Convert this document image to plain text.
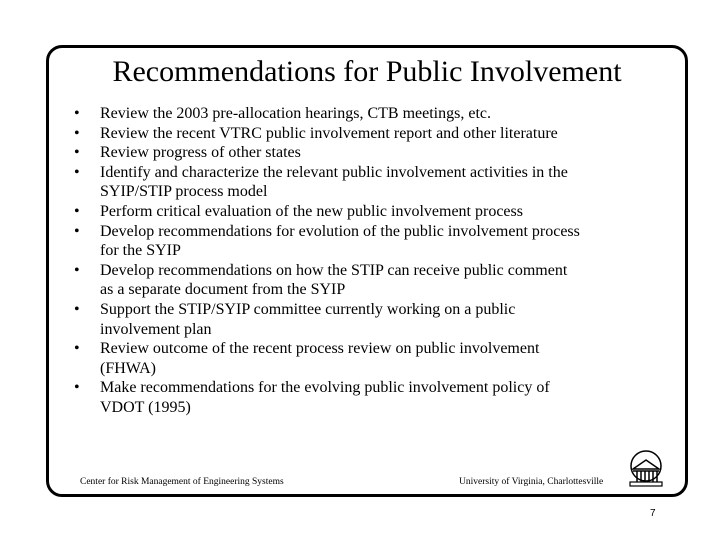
Recommendations for Public Involvement
• Review the 2003 pre-allocation hearings, CTB meetings, etc.
• Review the recent VTRC public involvement report and other literature
• Review progress of other states
• Identify and characterize the relevant public involvement activities in the
SYIP/STIP process model
• Perform critical evaluation of the new public involvement process
• Develop recommendations for evolution of the public involvement process
for the SYIP
• Develop recommendations on how the STIP can receive public comment
as a separate document from the SYIP
• Support the STIP/SYIP committee currently working on a public
involvement plan
• Review outcome of the recent process review on public involvement
(FHWA)
• Make recommendations for the evolving public involvement policy of
VDOT (1995)
Center for Risk Management of Engineering Systems	University of Virginia, Charlottesville
7
